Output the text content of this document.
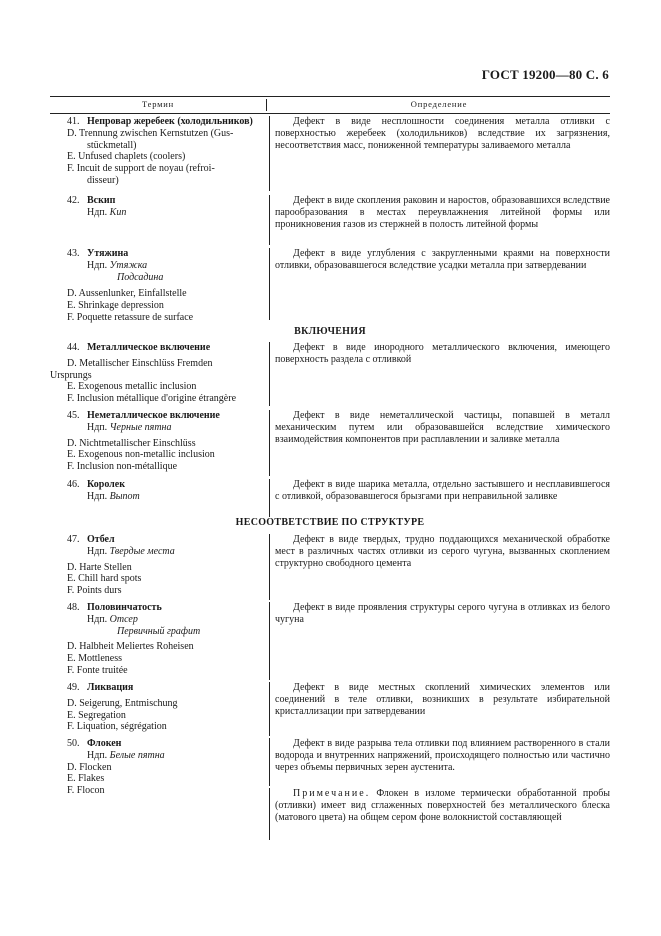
ГОСТ 19200—80 С. 6
Термин	Определение
41. Непровар жеребеек (холодильников)
D. Trennung zwischen Kernstutzen (Gus-
stückmetall)
E. Unfused chaplets (coolers)
F. Incuit de support de noyau (refroi-
disseur)
Дефект в виде несплошности соединения металла отливки с поверхностью жеребеек (холодильников) вследствие их загрязнения, несоответствия масс, пониженной температуры заливаемого металла
42. Вскип
Ндп. Кип
Дефект в виде скопления раковин и наростов, образовавшихся вследствие парообразования в местах переувлажнения литейной формы или проникновения газов из стержней в полость литейной формы
43. Утяжина
Ндп. Утяжка
Подсадина
D. Aussenlunker, Einfallstelle
E. Shrinkage depression
F. Poquette retassure de surface
Дефект в виде углубления с закругленными краями на поверхности отливки, образовавшегося вследствие усадки металла при затвердевании
ВКЛЮЧЕНИЯ
44. Металлическое включение
D. Metallischer Einschlüss Fremden
Ursprungs
E. Exogenous metallic inclusion
F. Inclusion métallique d'origine étrangère
Дефект в виде инородного металлического включения, имеющего поверхность раздела с отливкой
45. Неметаллическое включение
Ндп. Черные пятна
D. Nichtmetallischer Einschlüss
E. Exogenous non-metallic inclusion
F. Inclusion non-métallique
Дефект в виде неметаллической частицы, попавшей в металл механическим путем или образовавшейся вследствие химического взаимодействия компонентов при расплавлении и заливке металла
46. Королек
Ндп. Выпот
Дефект в виде шарика металла, отдельно застывшего и несплавившегося с отливкой, образовавшегося брызгами при неправильной заливке
НЕСООТВЕТСТВИЕ ПО СТРУКТУРЕ
47. Отбел
Ндп. Твердые места
D. Harte Stellen
E. Chill hard spots
F. Points durs
Дефект в виде твердых, трудно поддающихся механической обработке мест в различных частях отливки из серого чугуна, вызванных скоплением структурно свободного цемента
48. Половинчатость
Ндп. Отсер
Первичный графит
D. Halbheit Meliertes Roheisen
E. Mottleness
F. Fonte truitée
Дефект в виде проявления структуры серого чугуна в отливках из белого чугуна
49. Ликвация
D. Seigerung, Entmischung
E. Segregation
F. Liquation, ségrégation
Дефект в виде местных скоплений химических элементов или соединений в теле отливки, возникших в результате избирательной кристаллизации при затвердевании
50. Флокен
Ндп. Белые пятна
D. Flocken
E. Flakes
F. Flocon
Дефект в виде разрыва тела отливки под влиянием растворенного в стали водорода и внутренних напряжений, происходящего полностью или частично через объемы первичных зерен аустенита.
Примечание. Флокен в изломе термически обработанной пробы (отливки) имеет вид сглаженных поверхностей без металлического блеска (матового цвета) на общем сером фоне волокнистой составляющей
